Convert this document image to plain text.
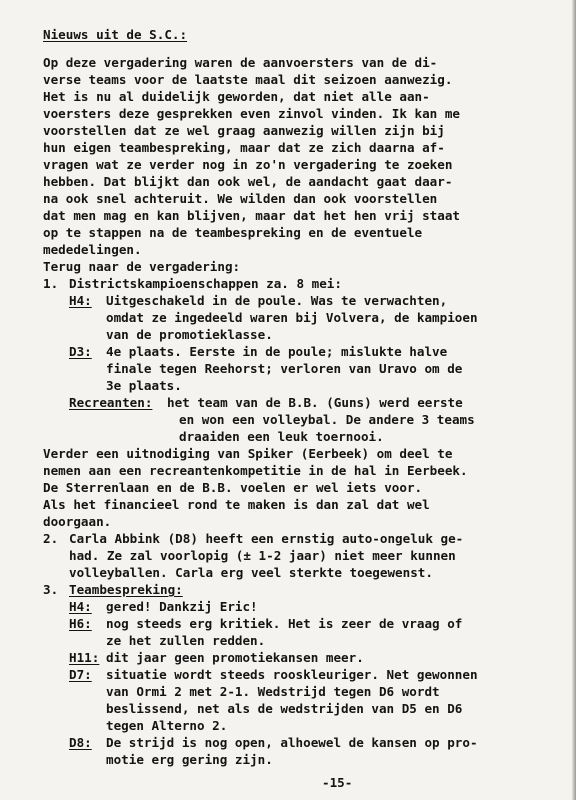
Nieuws uit de S.C.:
Op deze vergadering waren de aanvoersters van de di-
verse teams voor de laatste maal dit seizoen aanwezig.
Het is nu al duidelijk geworden, dat niet alle aan-
voersters deze gesprekken even zinvol vinden. Ik kan me
voorstellen dat ze wel graag aanwezig willen zijn bij
hun eigen teambespreking, maar dat ze zich daarna af-
vragen wat ze verder nog in zo'n vergadering te zoeken
hebben. Dat blijkt dan ook wel, de aandacht gaat daar-
na ook snel achteruit. We wilden dan ook voorstellen
dat men mag en kan blijven, maar dat het hen vrij staat
op te stappen na de teambespreking en de eventuele
mededelingen.
Terug naar de vergadering:
1. Districtskampioenschappen za. 8 mei:
H4: Uitgeschakeld in de poule. Was te verwachten,
omdat ze ingedeeld waren bij Volvera, de kampioen
van de promotieklasse.
D3: 4e plaats. Eerste in de poule; mislukte halve
finale tegen Reehorst; verloren van Uravo om de
3e plaats.
Recreanten: het team van de B.B. (Guns) werd eerste
en won een volleybal. De andere 3 teams
draaiden een leuk toernooi.
Verder een uitnodiging van Spiker (Eerbeek) om deel te
nemen aan een recreantenkompetitie in de hal in Eerbeek.
De Sterrenlaan en de B.B. voelen er wel iets voor.
Als het financieel rond te maken is dan zal dat wel
doorgaan.
2. Carla Abbink (D8) heeft een ernstig auto-ongeluk ge-
had. Ze zal voorlopig (± 1-2 jaar) niet meer kunnen
volleyballen. Carla erg veel sterkte toegewenst.
3. Teambespreking:
H4: gered! Dankzij Eric!
H6: nog steeds erg kritiek. Het is zeer de vraag of
ze het zullen redden.
H11: dit jaar geen promotiekansen meer.
D7: situatie wordt steeds rooskleuriger. Net gewonnen
van Ormi 2 met 2-1. Wedstrijd tegen D6 wordt
beslissend, net als de wedstrijden van D5 en D6
tegen Alterno 2.
D8: De strijd is nog open, alhoewel de kansen op pro-
motie erg gering zijn.
-15-
